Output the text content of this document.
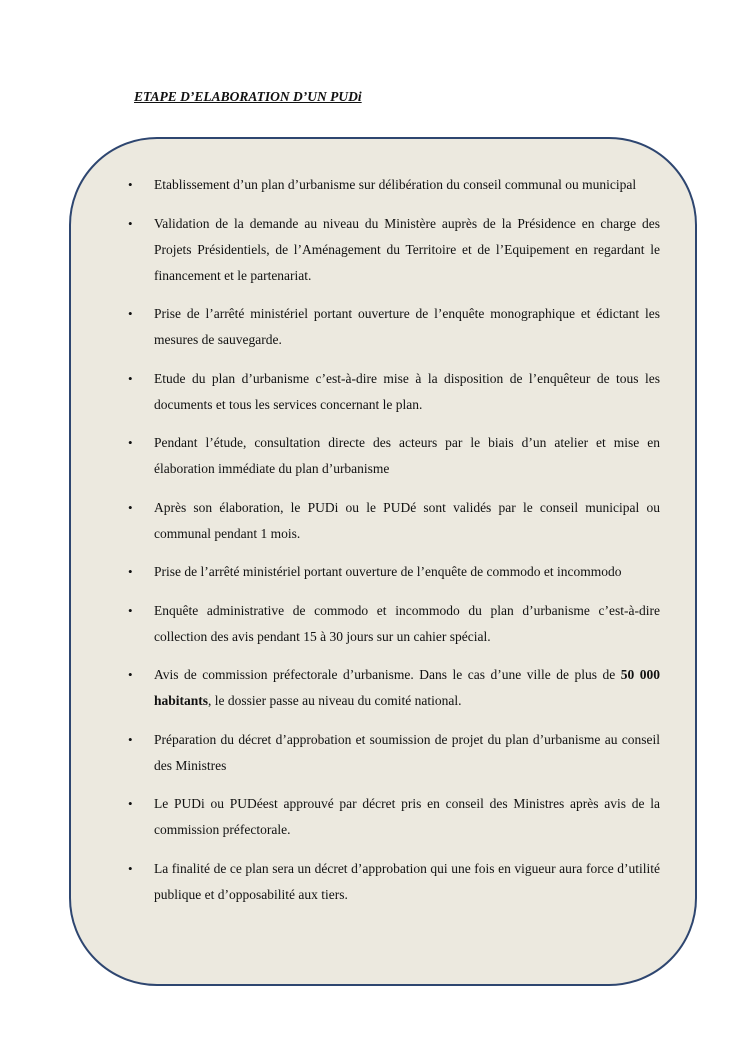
ETAPE D’ELABORATION D’UN PUDi
• Etablissement d’un plan d’urbanisme sur délibération du conseil communal ou municipal
• Validation de la demande au niveau du Ministère auprès de la Présidence en charge des Projets Présidentiels, de l’Aménagement du Territoire et de l’Equipement en regardant le financement et le partenariat.
• Prise de l’arrêté ministériel portant ouverture de l’enquête monographique et édictant les mesures de sauvegarde.
• Etude du plan d’urbanisme c’est-à-dire mise à la disposition de l’enquêteur de tous les documents et tous les services concernant le plan.
• Pendant l’étude, consultation directe des acteurs par le biais d’un atelier et mise en élaboration immédiate du plan d’urbanisme
• Après son élaboration, le PUDi ou le PUDé sont validés par le conseil municipal ou communal pendant 1 mois.
• Prise de l’arrêté ministériel portant ouverture de l’enquête de commodo et incommodo
• Enquête administrative de commodo et incommodo du plan d’urbanisme c’est-à-dire collection des avis pendant 15 à 30 jours sur un cahier spécial.
• Avis de commission préfectorale d’urbanisme. Dans le cas d’une ville de plus de 50 000 habitants, le dossier passe au niveau du comité national.
• Préparation du décret d’approbation et soumission de projet du plan d’urbanisme au conseil des Ministres
• Le PUDi ou PUDéest approuvé par décret pris en conseil des Ministres après avis de la commission préfectorale.
• La finalité de ce plan sera un décret d’approbation qui une fois en vigueur aura force d’utilité publique et d’opposabilité aux tiers.
